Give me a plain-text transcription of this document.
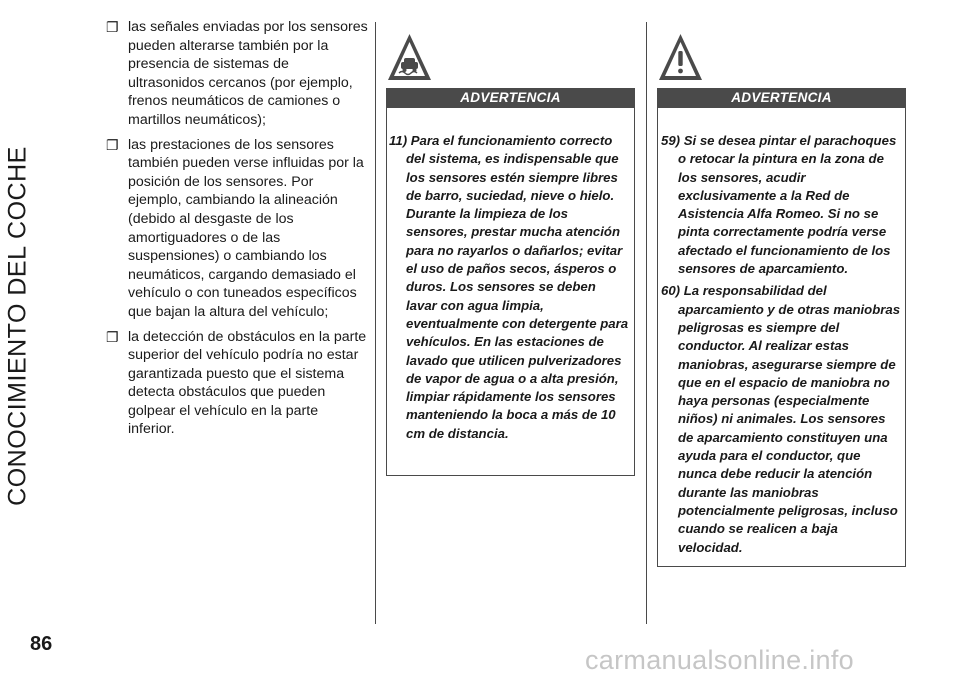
CONOCIMIENTO DEL COCHE
❐ las señales enviadas por los sensores pueden alterarse también por la presencia de sistemas de ultrasonidos cercanos (por ejemplo, frenos neumáticos de camiones o martillos neumáticos);
❐ las prestaciones de los sensores también pueden verse influidas por la posición de los sensores. Por ejemplo, cambiando la alineación (debido al desgaste de los amortiguadores o de las suspensiones) o cambiando los neumáticos, cargando demasiado el vehículo o con tuneados específicos que bajan la altura del vehículo;
❐ la detección de obstáculos en la parte superior del vehículo podría no estar garantizada puesto que el sistema detecta obstáculos que pueden golpear el vehículo en la parte inferior.
ADVERTENCIA

11) Para el funcionamiento correcto del sistema, es indispensable que los sensores estén siempre libres de barro, suciedad, nieve o hielo. Durante la limpieza de los sensores, prestar mucha atención para no rayarlos o dañarlos; evitar el uso de paños secos, ásperos o duros. Los sensores se deben lavar con agua limpia, eventualmente con detergente para vehículos. En las estaciones de lavado que utilicen pulverizadores de vapor de agua o a alta presión, limpiar rápidamente los sensores manteniendo la boca a más de 10 cm de distancia.

ADVERTENCIA

59) Si se desea pintar el parachoques o retocar la pintura en la zona de los sensores, acudir exclusivamente a la Red de Asistencia Alfa Romeo. Si no se pinta correctamente podría verse afectado el funcionamiento de los sensores de aparcamiento.

60) La responsabilidad del aparcamiento y de otras maniobras peligrosas es siempre del conductor. Al realizar estas maniobras, asegurarse siempre de que en el espacio de maniobra no haya personas (especialmente niños) ni animales. Los sensores de aparcamiento constituyen una ayuda para el conductor, que nunca debe reducir la atención durante las maniobras potencialmente peligrosas, incluso cuando se realicen a baja velocidad.

86
carmanualsonline.info
